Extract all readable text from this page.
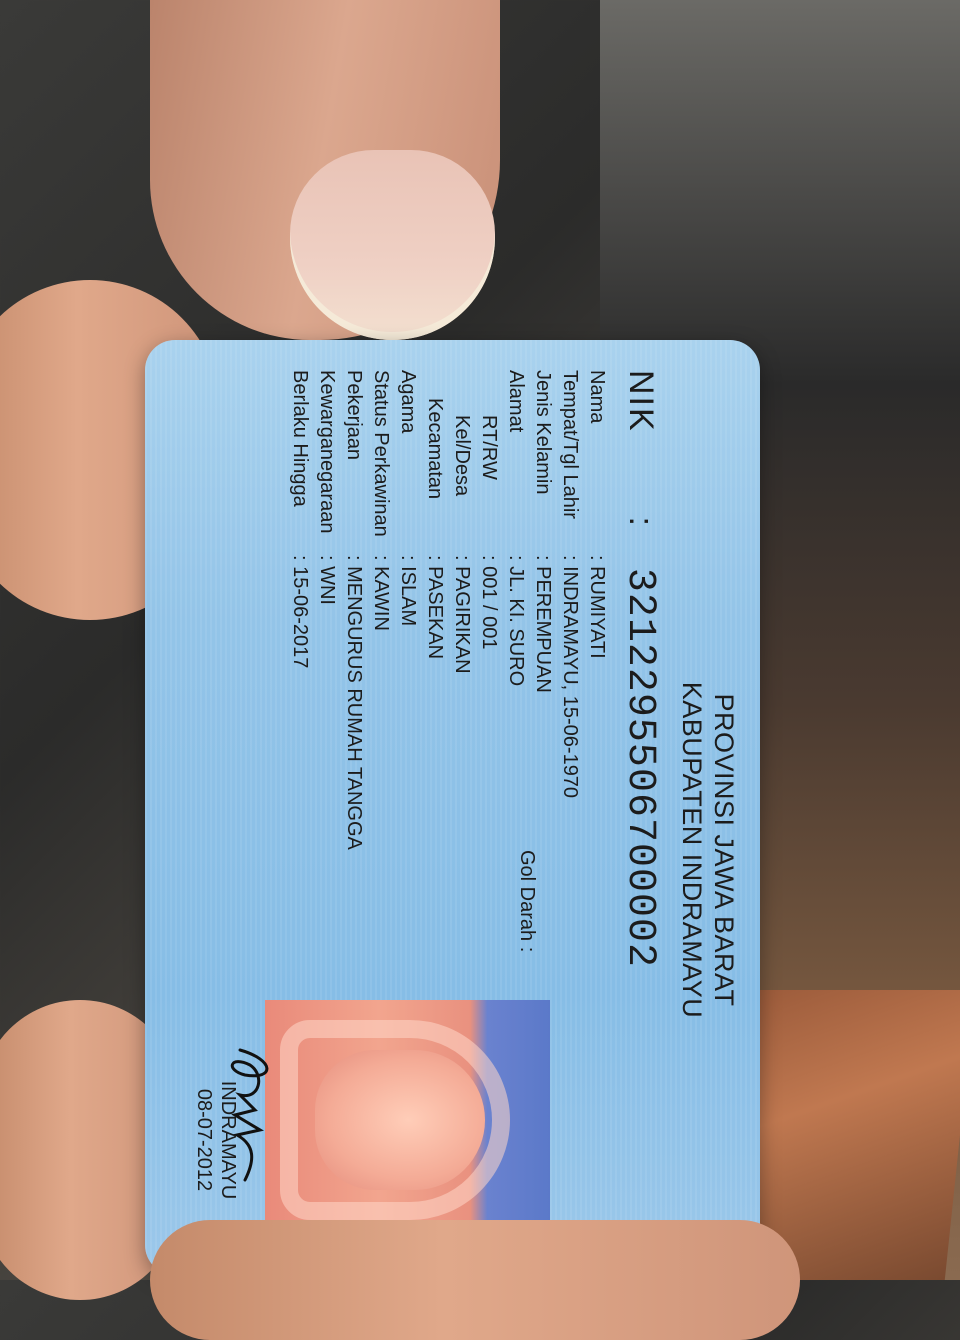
PROVINSI JAWA BARAT
KABUPATEN INDRAMAYU
NIK : 3212295506700002
Nama: RUMIYATI
Tempat/Tgl Lahir: INDRAMAYU, 15-06-1970
Jenis Kelamin: PEREMPUAN
Alamat: JL. KI. SURO
RT/RW: 001 / 001
Kel/Desa: PAGIRIKAN
Kecamatan: PASEKAN
Agama: ISLAM
Status Perkawinan: KAWIN
Pekerjaan: MENGURUS RUMAH TANGGA
Kewarganegaraan: WNI
Berlaku Hingga: 15-06-2017
Gol Darah :
INDRAMAYU
08-07-2012
